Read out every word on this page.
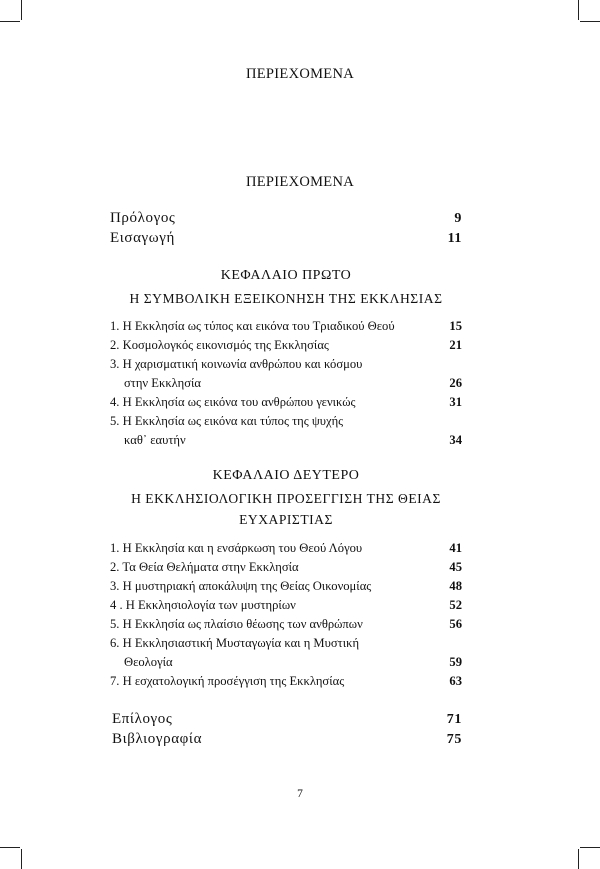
ΠΕΡΙΕΧΟΜΕΝΑ
ΠΕΡΙΕΧΟΜΕΝΑ
Πρόλογος	9
Εισαγωγή	11
ΚΕΦΑΛΑΙΟ ΠΡΩΤΟ
Η ΣΥΜΒΟΛΙΚΗ ΕΞΕΙΚΟΝΗΣΗ ΤΗΣ ΕΚΚΛΗΣΙΑΣ
1. Η Εκκλησία ως τύπος και εικόνα του Τριαδικού Θεού	15
2. Κοσμολογκός εικονισμός της Εκκλησίας	21
3. Η χαρισματική κοινωνία ανθρώπου και κόσμου
στην Εκκλησία	26
4. Η Εκκλησία ως εικόνα του ανθρώπου γενικώς	31
5. Η Εκκλησία ως εικόνα και τύπος της ψυχής
καθ᾽ εαυτήν	34
ΚΕΦΑΛΑΙΟ ΔΕΥΤΕΡΟ
Η ΕΚΚΛΗΣΙΟΛΟΓΙΚΗ ΠΡΟΣΕΓΓΙΣΗ ΤΗΣ ΘΕΙΑΣ
ΕΥΧΑΡΙΣΤΙΑΣ
1. Η Εκκλησία και η ενσάρκωση του Θεού Λόγου	41
2. Τα Θεία Θελήματα στην Εκκλησία	45
3. Η μυστηριακή αποκάλυψη της Θείας Οικονομίας	48
4 . Η Εκκλησιολογία των μυστηρίων	52
5. Η Εκκλησία ως πλαίσιο θέωσης των ανθρώπων	56
6. Η Εκκλησιαστική Μυσταγωγία και η Μυστική
Θεολογία	59
7. Η εσχατολογική προσέγγιση της Εκκλησίας	63
Επίλογος	71
Βιβλιογραφία	75
7
